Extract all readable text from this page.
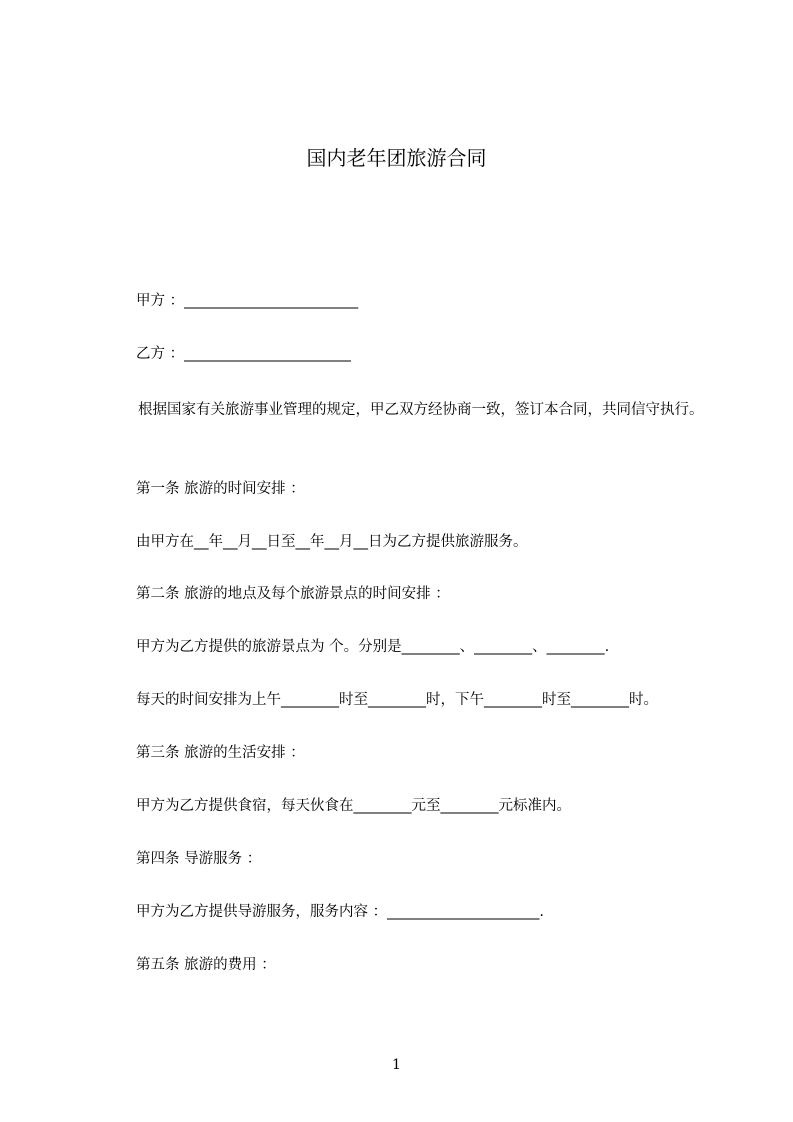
国内老年团旅游合同
甲方 ：________________________
乙方 ：_______________________
根据国家有关旅游事业管理的规定，甲乙双方经协商一致，签订本合同，共同信守执行。
第一条 旅游的时间安排 ：
由甲方在__年__月__日至__年__月__日为乙方提供旅游服务。
第二条 旅游的地点及每个旅游景点的时间安排 ：
甲方为乙方提供的旅游景点为 个。分别是________、________、________.
每天的时间安排为上午________时至________时，下午________时至________时。
第三条 旅游的生活安排 ：
甲方为乙方提供食宿，每天伙食在________元至________元标准内。
第四条 导游服务 ：
甲方为乙方提供导游服务，服务内容 ：_____________________.
第五条 旅游的费用 ：
1
